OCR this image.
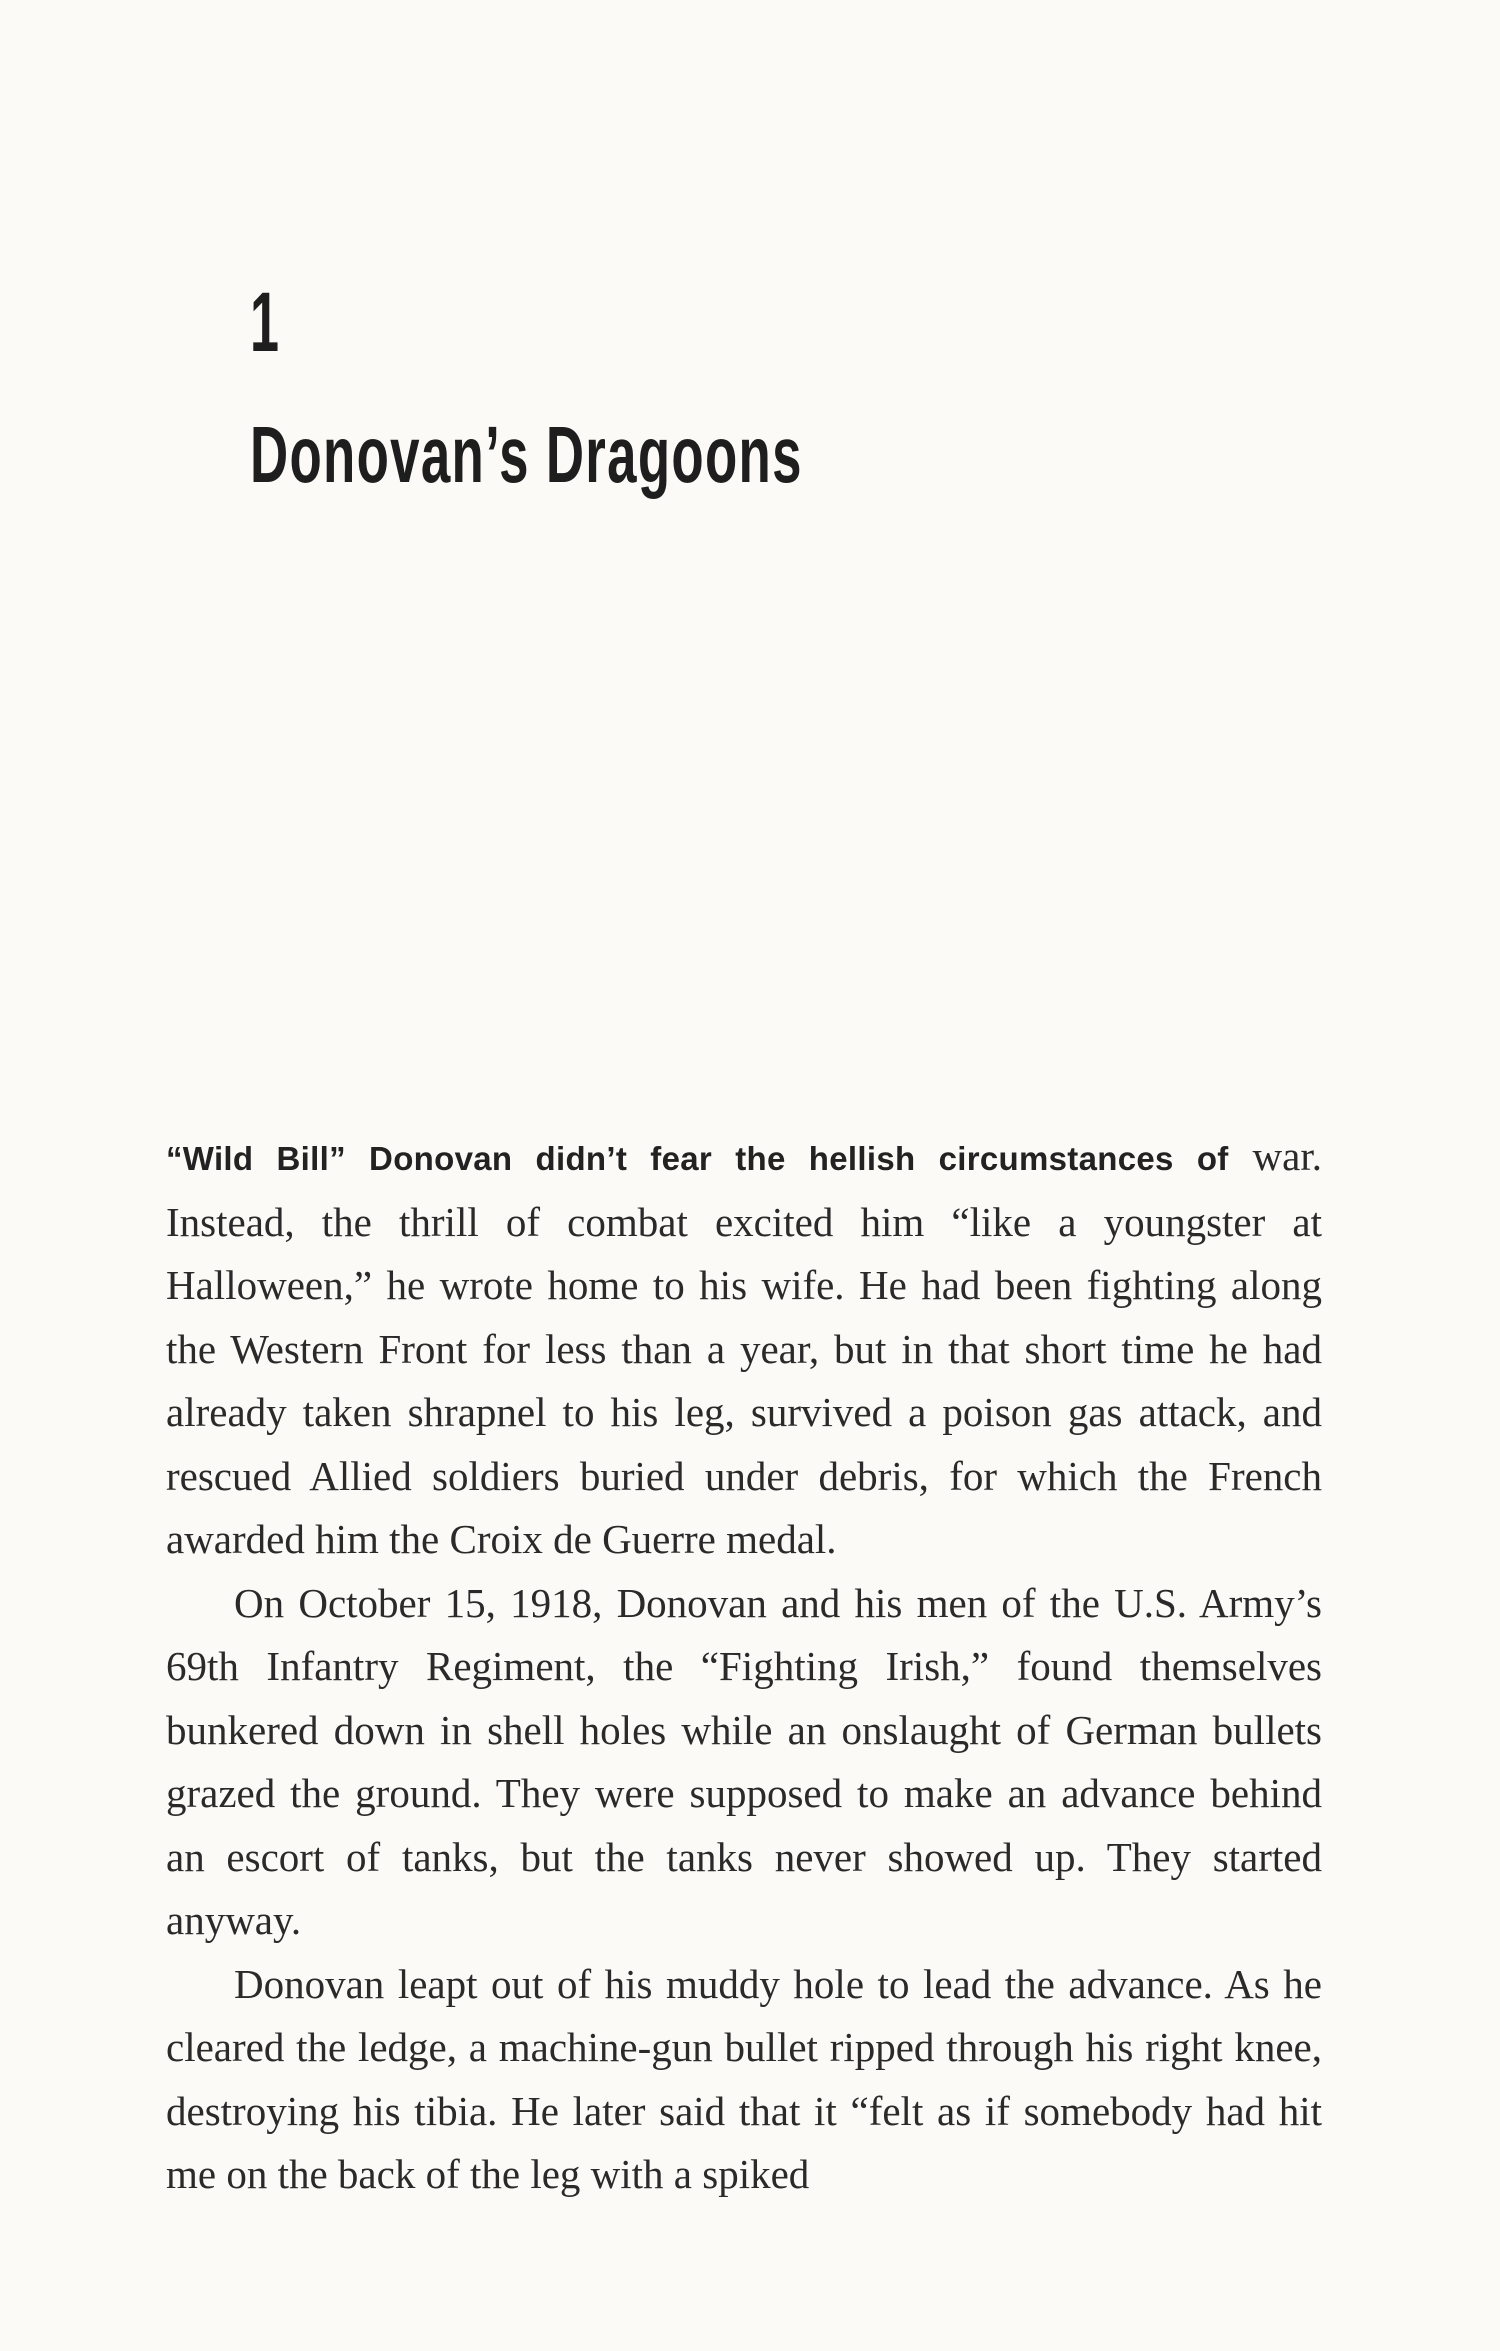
1
Donovan’s Dragoons

“Wild Bill” Donovan didn’t fear the hellish circumstances of war. Instead, the thrill of combat excited him “like a youngster at Halloween,” he wrote home to his wife. He had been fighting along the Western Front for less than a year, but in that short time he had already taken shrapnel to his leg, survived a poison gas attack, and rescued Allied soldiers buried under debris, for which the French awarded him the Croix de Guerre medal.

On October 15, 1918, Donovan and his men of the U.S. Army’s 69th Infantry Regiment, the “Fighting Irish,” found themselves bunkered down in shell holes while an onslaught of German bullets grazed the ground. They were supposed to make an advance behind an escort of tanks, but the tanks never showed up. They started anyway.

Donovan leapt out of his muddy hole to lead the advance. As he cleared the ledge, a machine-gun bullet ripped through his right knee, destroying his tibia. He later said that it “felt as if somebody had hit me on the back of the leg with a spiked
